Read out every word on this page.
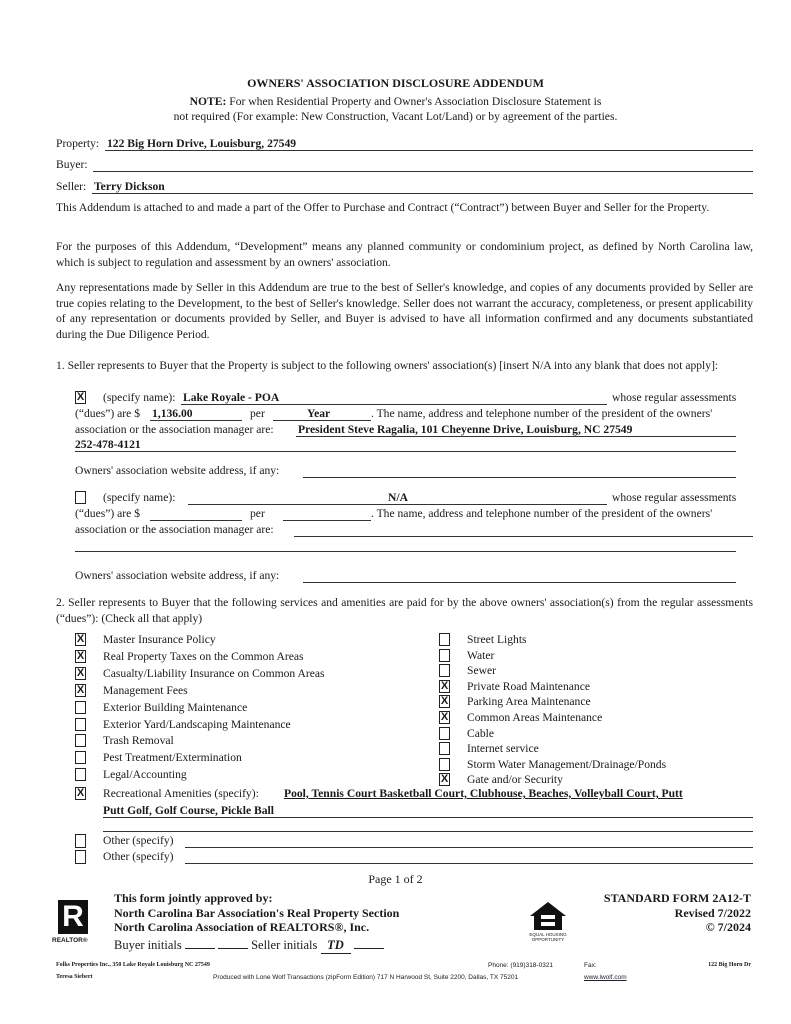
OWNERS' ASSOCIATION DISCLOSURE ADDENDUM
NOTE: For when Residential Property and Owner's Association Disclosure Statement is
not required (For example: New Construction, Vacant Lot/Land) or by agreement of the parties.
Property: 122 Big Horn Drive, Louisburg, 27549
Buyer:
Seller: Terry Dickson
This Addendum is attached to and made a part of the Offer to Purchase and Contract (“Contract”) between Buyer and Seller for the Property.
For the purposes of this Addendum, “Development” means any planned community or condominium project, as defined by North Carolina law, which is subject to regulation and assessment by an owners' association.
Any representations made by Seller in this Addendum are true to the best of Seller's knowledge, and copies of any documents provided by Seller are true copies relating to the Development, to the best of Seller's knowledge. Seller does not warrant the accuracy, completeness, or present applicability of any representation or documents provided by Seller, and Buyer is advised to have all information confirmed and any documents substantiated during the Due Diligence Period.
1. Seller represents to Buyer that the Property is subject to the following owners' association(s) [insert N/A into any blank that does not apply]:
X (specify name): Lake Royale - POA	whose regular assessments
(“dues”) are $ 1,136.00	per	Year	. The name, address and telephone number of the president of the owners'
association or the association manager are: President Steve Ragalia, 101 Cheyenne Drive, Louisburg, NC 27549
252-478-4121
Owners' association website address, if any:
(specify name):	N/A	whose regular assessments
(“dues”) are $	per	. The name, address and telephone number of the president of the owners'
association or the association manager are:
Owners' association website address, if any:
2. Seller represents to Buyer that the following services and amenities are paid for by the above owners' association(s) from the regular assessments (“dues”): (Check all that apply)
X Master Insurance Policy
X Real Property Taxes on the Common Areas
X Casualty/Liability Insurance on Common Areas
X Management Fees
Exterior Building Maintenance
Exterior Yard/Landscaping Maintenance
Trash Removal
Pest Treatment/Extermination
Legal/Accounting
Street Lights
Water
Sewer
X Private Road Maintenance
X Parking Area Maintenance
X Common Areas Maintenance
Cable
Internet service
Storm Water Management/Drainage/Ponds
X Gate and/or Security
X Recreational Amenities (specify): Pool, Tennis Court Basketball Court, Clubhouse, Beaches, Volleyball Court, Putt
Putt Golf, Golf Course, Pickle Ball
Other (specify)
Other (specify)
Page 1 of 2
R
REALTOR®
This form jointly approved by:
North Carolina Bar Association's Real Property Section
North Carolina Association of REALTORS®, Inc.
Buyer initials	Seller initials TD
EQUAL HOUSING OPPORTUNITY
STANDARD FORM 2A12-T
Revised 7/2022
© 7/2024
Folks Properties Inc., 350 Lake Royale Louisburg NC 27549
Teresa Siebert
Phone: (919)318-0321	Fax:	122 Big Horn Dr
Produced with Lone Wolf Transactions (zipForm Edition) 717 N Harwood St, Suite 2200, Dallas, TX 75201	www.lwolf.com
